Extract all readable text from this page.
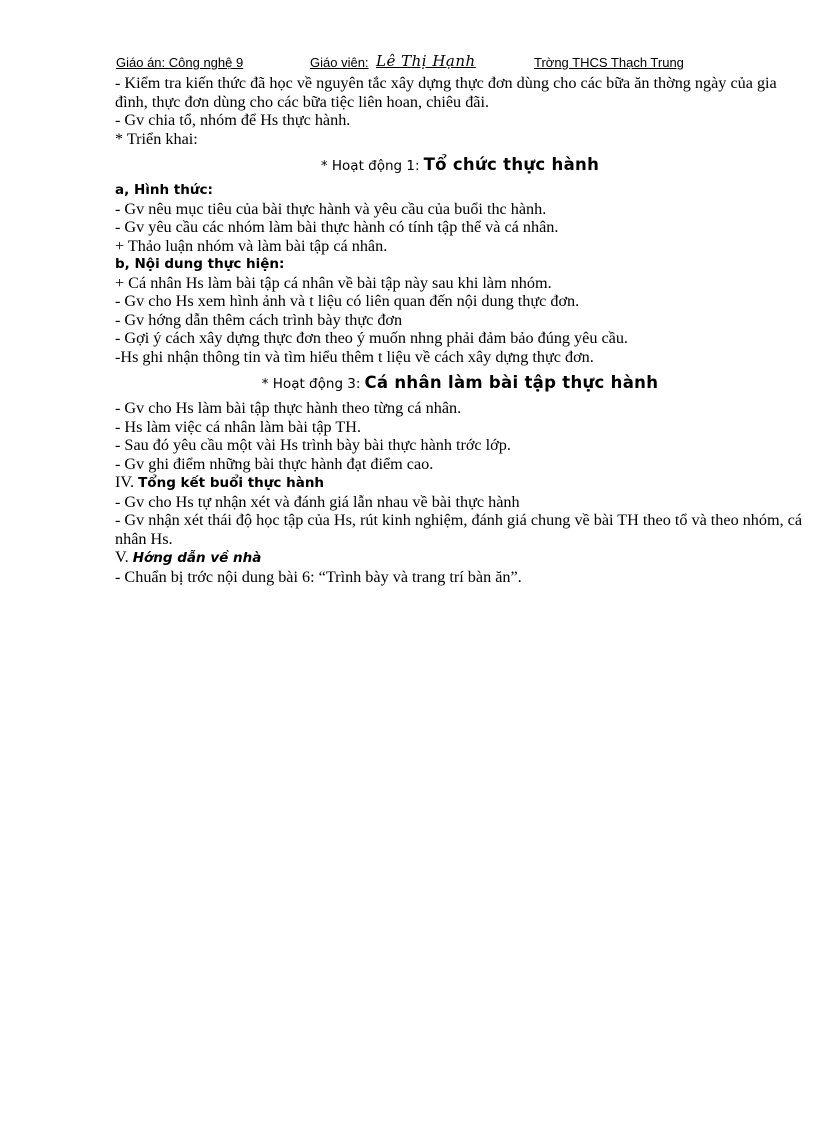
Giáo án: Công nghệ 9	Giáo viên: Lê Thị Hạnh	Trờng THCS Thạch Trung
- Kiểm tra kiến thức đã học về nguyên tắc xây dựng thực đơn dùng cho các bữa ăn thờng ngày của gia đình, thực đơn dùng cho các bữa tiệc liên hoan, chiêu đãi.
- Gv chia tổ, nhóm để Hs thực hành.
* Triển khai:
* Hoạt động 1: Tổ chức thực hành
a, Hình thức:
- Gv nêu mục tiêu của bài thực hành và yêu cầu của buổi thc hành.
- Gv yêu cầu các nhóm làm bài thực hành có tính tập thể và cá nhân.
+ Thảo luận nhóm và làm bài tập cá nhân.
b, Nội dung thực hiện:
+ Cá nhân Hs làm bài tập cá nhân về bài tập này sau khi làm nhóm.
- Gv cho Hs xem hình ảnh và t liệu có liên quan đến nội dung thực đơn.
- Gv hớng dẫn thêm cách trình bày thực đơn
- Gợi ý cách xây dựng thực đơn theo ý muốn nhng phải đảm bảo đúng yêu cầu.
-Hs ghi nhận thông tin và tìm hiểu thêm t liệu về cách xây dựng thực đơn.
* Hoạt động 3: Cá nhân làm bài tập thực hành
- Gv cho Hs làm bài tập thực hành theo từng cá nhân.
- Hs làm việc cá nhân làm bài tập TH.
- Sau đó yêu cầu một vài Hs trình bày bài thực hành trớc lớp.
- Gv ghi điểm những bài thực hành đạt điểm cao.
IV. Tổng kết buổi thực hành
- Gv cho Hs tự nhận xét và đánh giá lẫn nhau về bài thực hành
- Gv nhận xét thái độ học tập của Hs, rút kinh nghiệm, đánh giá chung về bài TH theo tổ và theo nhóm, cá nhân Hs.
V. Hớng dẫn về nhà
- Chuẩn bị trớc nội dung bài 6: “Trình bày và trang trí bàn ăn”.
